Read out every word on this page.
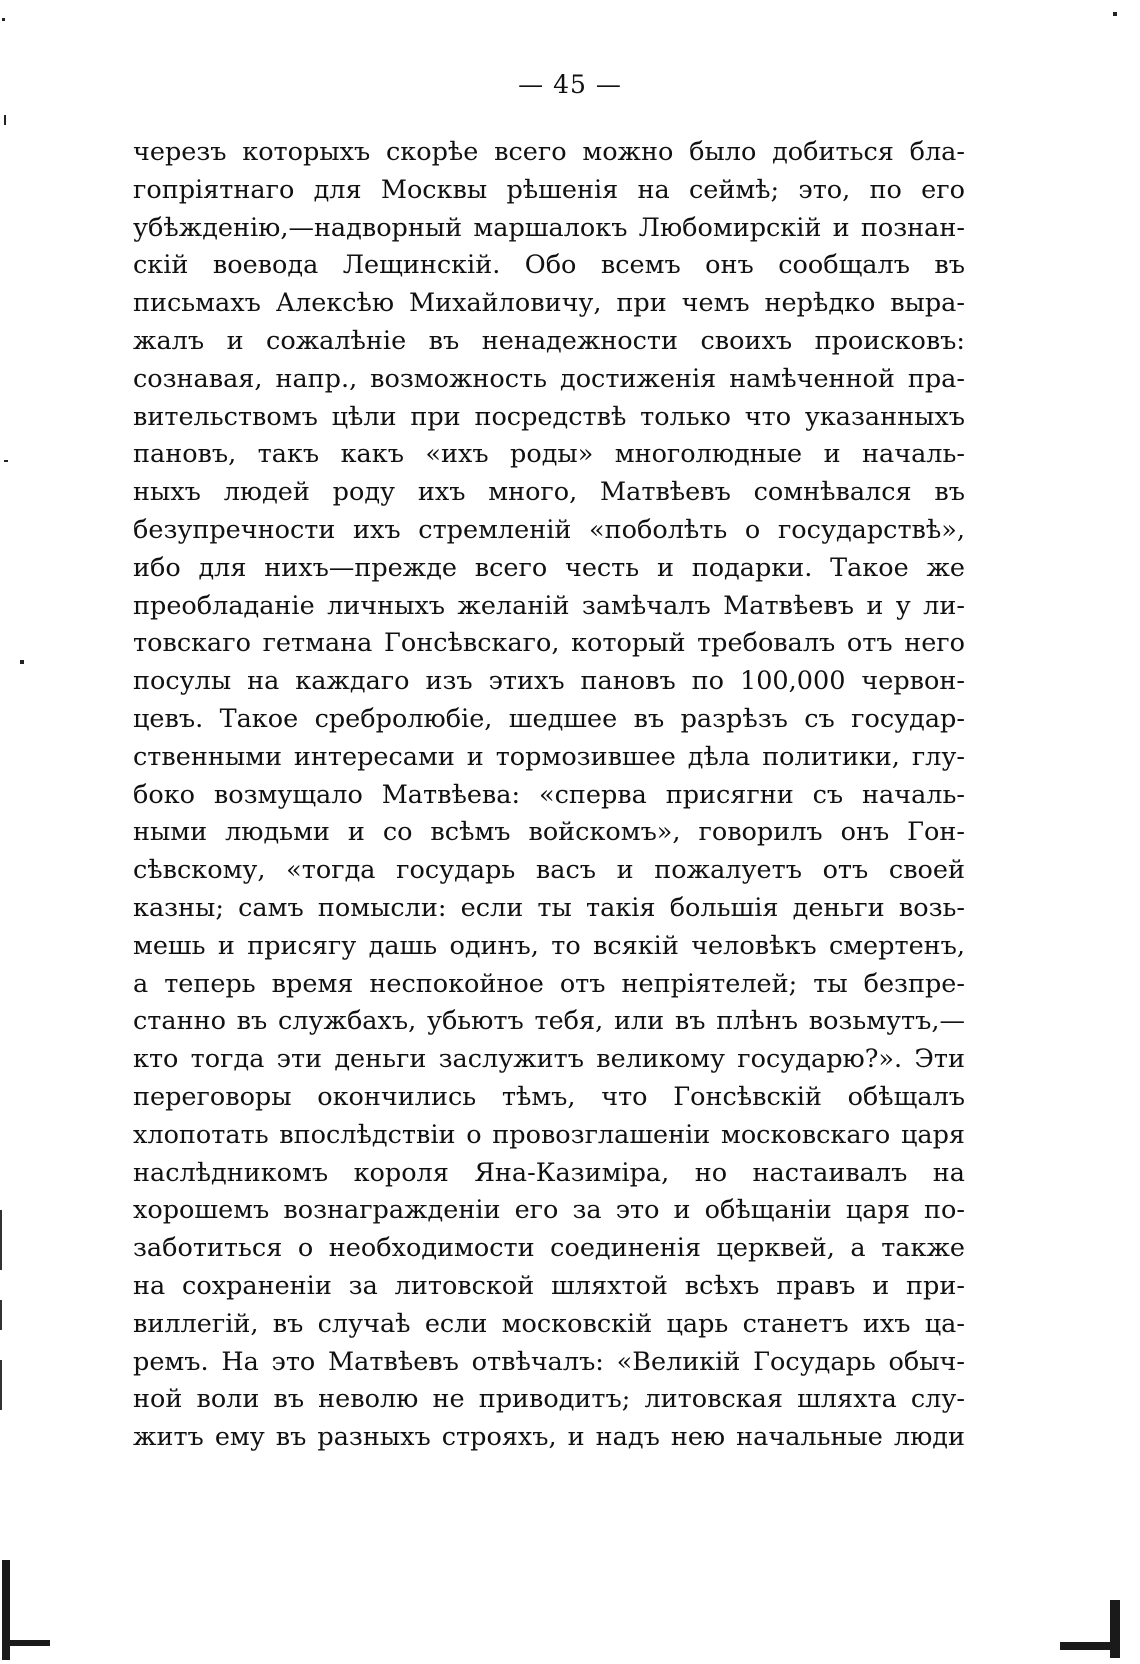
— 45 —
черезъ которыхъ скорѣе всего можно было добиться бла-
гопріятнаго для Москвы рѣшенія на сеймѣ; это, по его
убѣжденію,—надворный маршалокъ Любомирскій и познан-
скій воевода Лещинскій. Обо всемъ онъ сообщалъ въ
письмахъ Алексѣю Михайловичу, при чемъ нерѣдко выра-
жалъ и сожалѣніе въ ненадежности своихъ происковъ:
сознавая, напр., возможность достиженія намѣченной пра-
вительствомъ цѣли при посредствѣ только что указанныхъ
пановъ, такъ какъ «ихъ роды» многолюдные и началь-
ныхъ людей роду ихъ много, Матвѣевъ сомнѣвался въ
безупречности ихъ стремленій «поболѣть о государствѣ»,
ибо для нихъ—прежде всего честь и подарки. Такое же
преобладаніе личныхъ желаній замѣчалъ Матвѣевъ и у ли-
товскаго гетмана Гонсѣвскаго, который требовалъ отъ него
посулы на каждаго изъ этихъ пановъ по 100,000 червон-
цевъ. Такое сребролюбіе, шедшее въ разрѣзъ съ государ-
ственными интересами и тормозившее дѣла политики, глу-
боко возмущало Матвѣева: «сперва присягни съ началь-
ными людьми и со всѣмъ войскомъ», говорилъ онъ Гон-
сѣвскому, «тогда государь васъ и пожалуетъ отъ своей
казны; самъ помысли: если ты такія большія деньги возь-
мешь и присягу дашь одинъ, то всякій человѣкъ смертенъ,
а теперь время неспокойное отъ непріятелей; ты безпре-
станно въ службахъ, убьютъ тебя, или въ плѣнъ возьмутъ,—
кто тогда эти деньги заслужитъ великому государю?». Эти
переговоры окончились тѣмъ, что Гонсѣвскій обѣщалъ
хлопотать впослѣдствіи о провозглашеніи московскаго царя
наслѣдникомъ короля Яна-Казиміра, но настаивалъ на
хорошемъ вознагражденіи его за это и обѣщаніи царя по-
заботиться о необходимости соединенія церквей, а также
на сохраненіи за литовской шляхтой всѣхъ правъ и при-
виллегій, въ случаѣ если московскій царь станетъ ихъ ца-
ремъ. На это Матвѣевъ отвѣчалъ: «Великій Государь обыч-
ной воли въ неволю не приводитъ; литовская шляхта слу-
житъ ему въ разныхъ строяхъ, и надъ нею начальные люди
